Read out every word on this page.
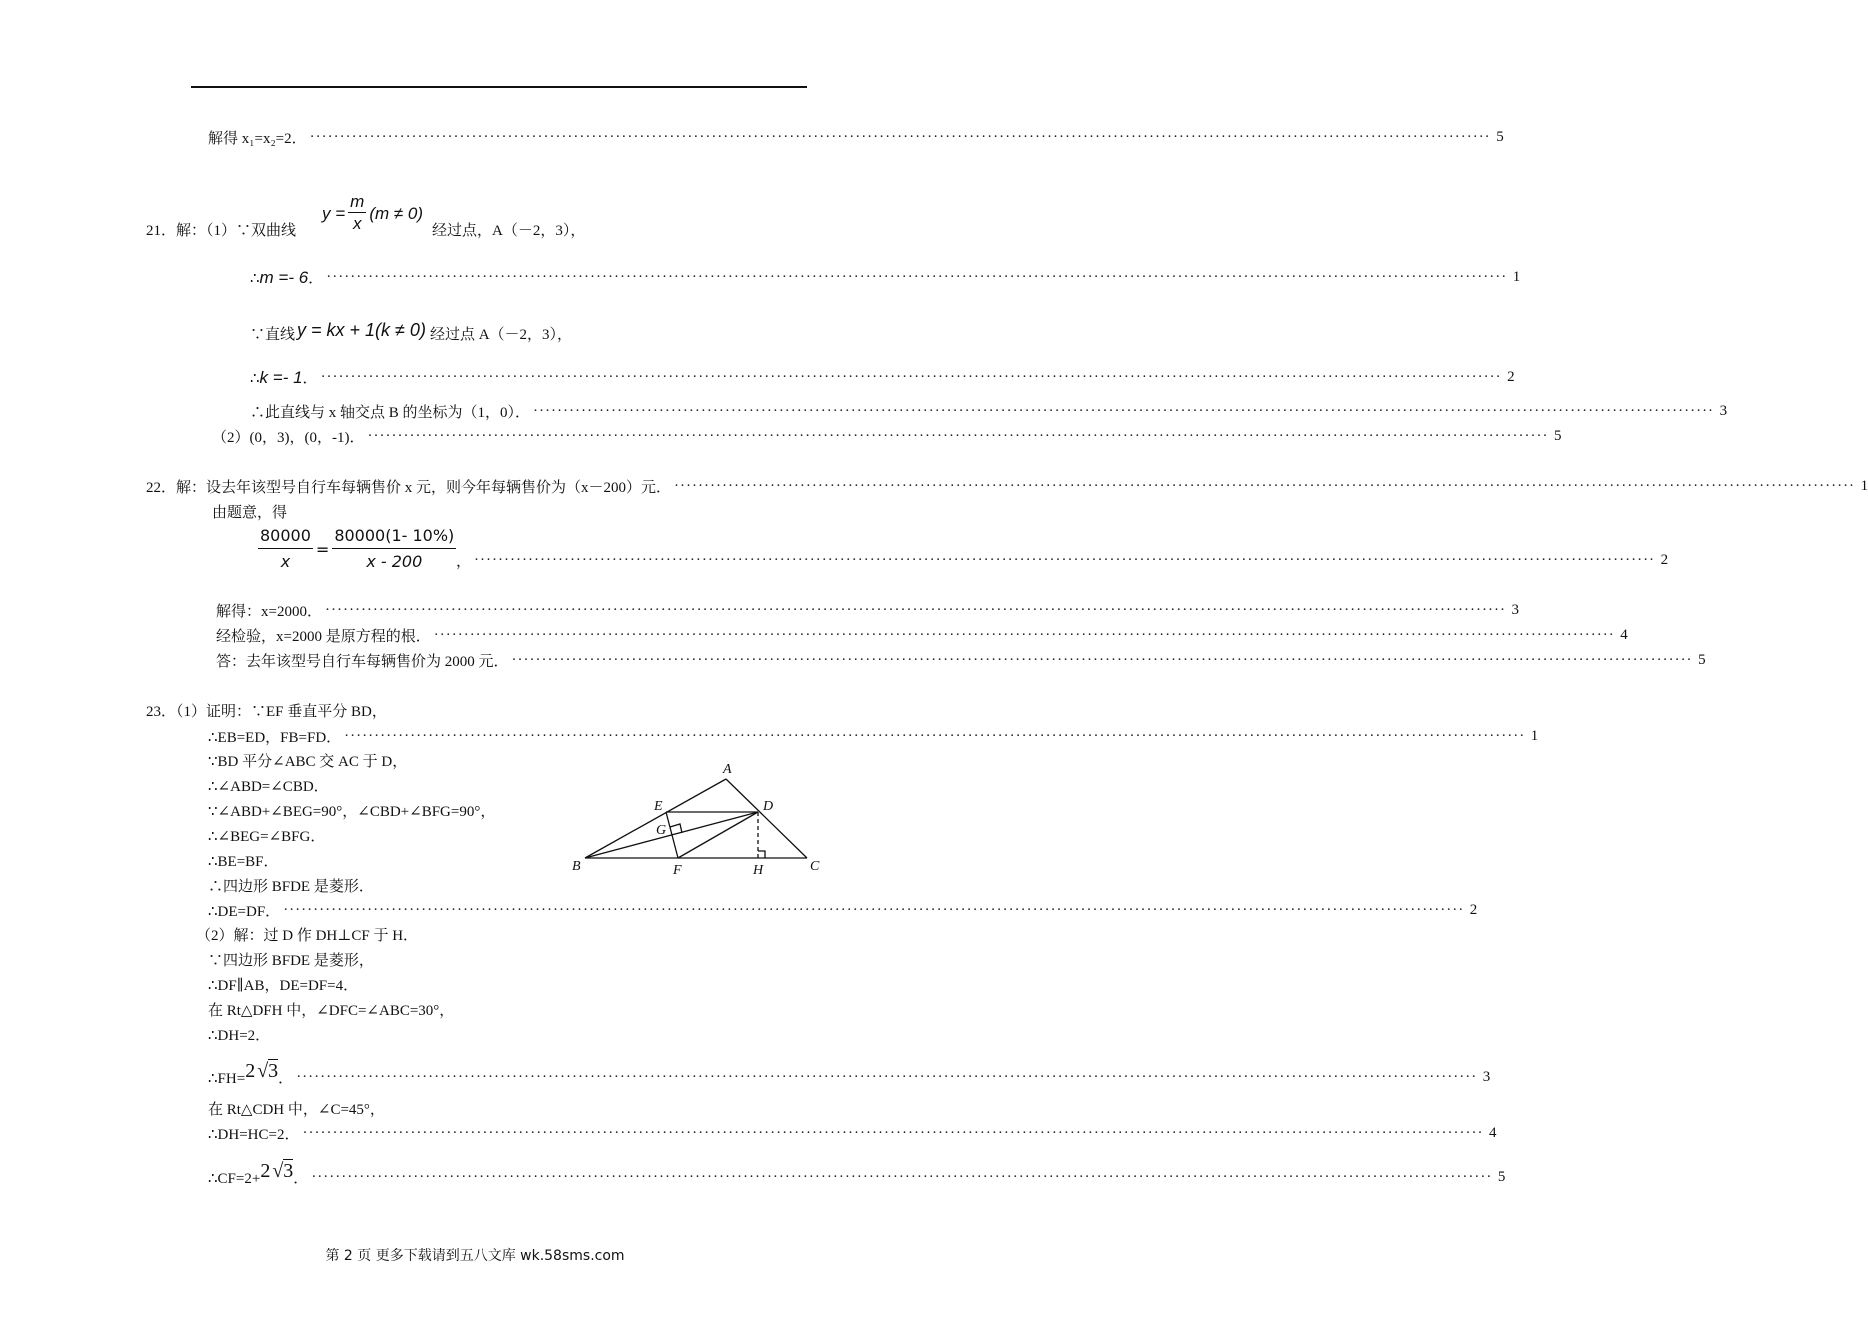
解得 x₁=x₂=2． ····································································································································································································· 5
21．解：（1）∵双曲线
$y = \frac{m}{x} (m \ne 0)$
经过点，A（－2，3），
∴m =- 6． ····································································································································································································· 1
∵直线 y = kx + 1(k ≠ 0) 经过点 A（－2，3），
∴k =- 1． ····································································································································································································· 2
∴此直线与 x 轴交点 B 的坐标为（1，0）． ····································································································································································································· 3
（2）(0，3)，(0，-1)． ····································································································································································································· 5
22．解：设去年该型号自行车每辆售价 x 元，则今年每辆售价为（x－200）元． ····································································································································································································· 1
由题意，得
$\frac{80000}{x} = \frac{80000(1- 10\%)}{x - 200}$ ， ····································································································································································································· 2
解得：x=2000． ····································································································································································································· 3
经检验，x=2000 是原方程的根． ····································································································································································································· 4
答：去年该型号自行车每辆售价为 2000 元． ····································································································································································································· 5
23．（1）证明：∵EF 垂直平分 BD，
∴EB=ED，FB=FD． ····································································································································································································· 1
∵BD 平分∠ABC 交 AC 于 D，
∴∠ABD=∠CBD．
∵∠ABD+∠BEG=90°，∠CBD+∠BFG=90°，
∴∠BEG=∠BFG．
∴BE=BF．
∴四边形 BFDE 是菱形．
∴DE=DF． ····································································································································································································· 2
（2）解：过 D 作 DH⊥CF 于 H．
∵四边形 BFDE 是菱形，
∴DF∥AB，DE=DF=4．
在 Rt△DFH 中，∠DFC=∠ABC=30°，
∴DH=2．
∴FH=2 √3． ····································································································································································································· 3
在 Rt△CDH 中，∠C=45°，
∴DH=HC=2． ····································································································································································································· 4
∴CF=2+2 √3． ····································································································································································································· 5
A
B	C
D
E
F
G
H
第 2 页 更多下载请到五八文库 wk.58sms.com
